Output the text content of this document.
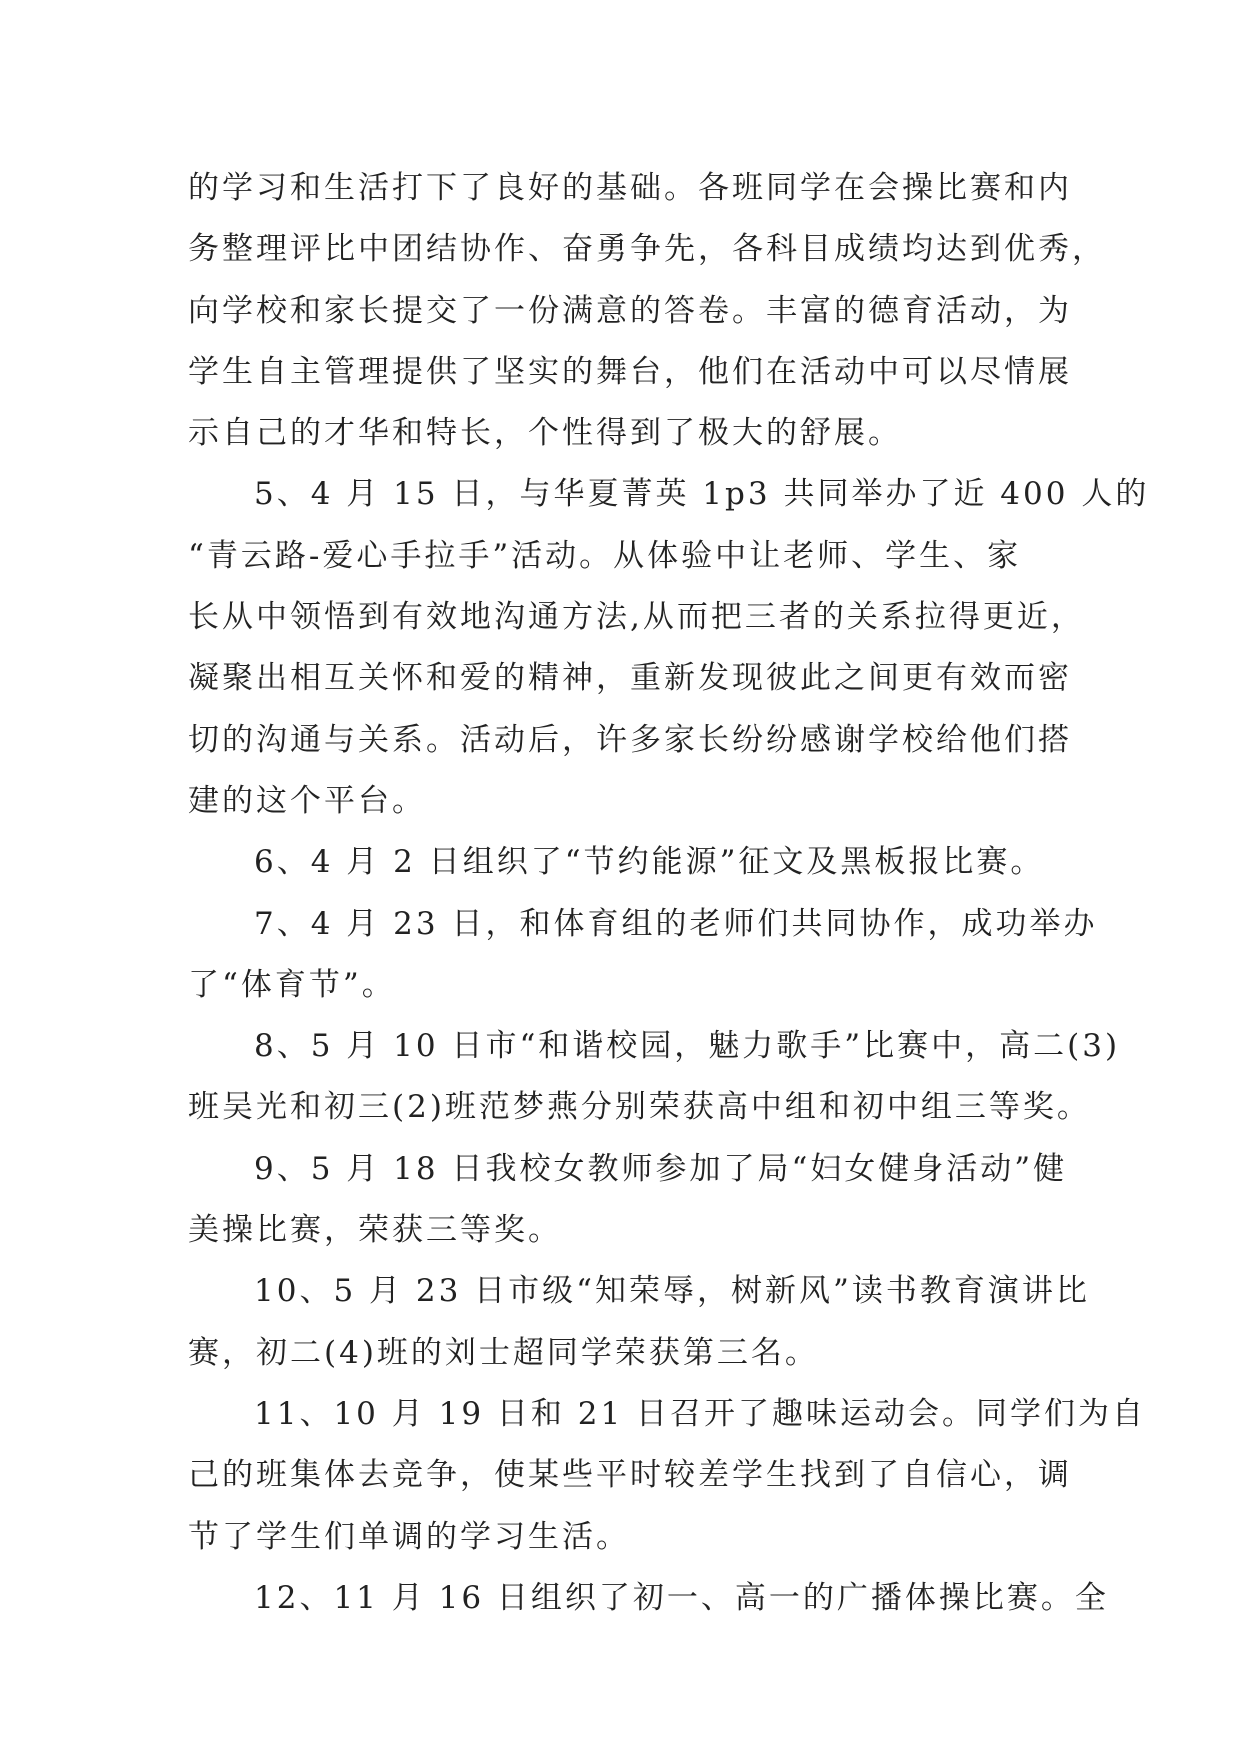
的学习和生活打下了良好的基础。各班同学在会操比赛和内
务整理评比中团结协作、奋勇争先，各科目成绩均达到优秀，
向学校和家长提交了一份满意的答卷。丰富的德育活动，为
学生自主管理提供了坚实的舞台，他们在活动中可以尽情展
示自己的才华和特长，个性得到了极大的舒展。
5、4 月 15 日，与华夏菁英 1p3 共同举办了近 400 人的
“青云路-爱心手拉手”活动。从体验中让老师、学生、家
长从中领悟到有效地沟通方法,从而把三者的关系拉得更近，
凝聚出相互关怀和爱的精神，重新发现彼此之间更有效而密
切的沟通与关系。活动后，许多家长纷纷感谢学校给他们搭
建的这个平台。
6、4 月 2 日组织了“节约能源”征文及黑板报比赛。
7、4 月 23 日，和体育组的老师们共同协作，成功举办
了“体育节”。
8、5 月 10 日市“和谐校园，魅力歌手”比赛中，高二(3)
班吴光和初三(2)班范梦燕分别荣获高中组和初中组三等奖。
9、5 月 18 日我校女教师参加了局“妇女健身活动”健
美操比赛，荣获三等奖。
10、5 月 23 日市级“知荣辱，树新风”读书教育演讲比
赛，初二(4)班的刘士超同学荣获第三名。
11、10 月 19 日和 21 日召开了趣味运动会。同学们为自
己的班集体去竞争，使某些平时较差学生找到了自信心，调
节了学生们单调的学习生活。
12、11 月 16 日组织了初一、高一的广播体操比赛。全
